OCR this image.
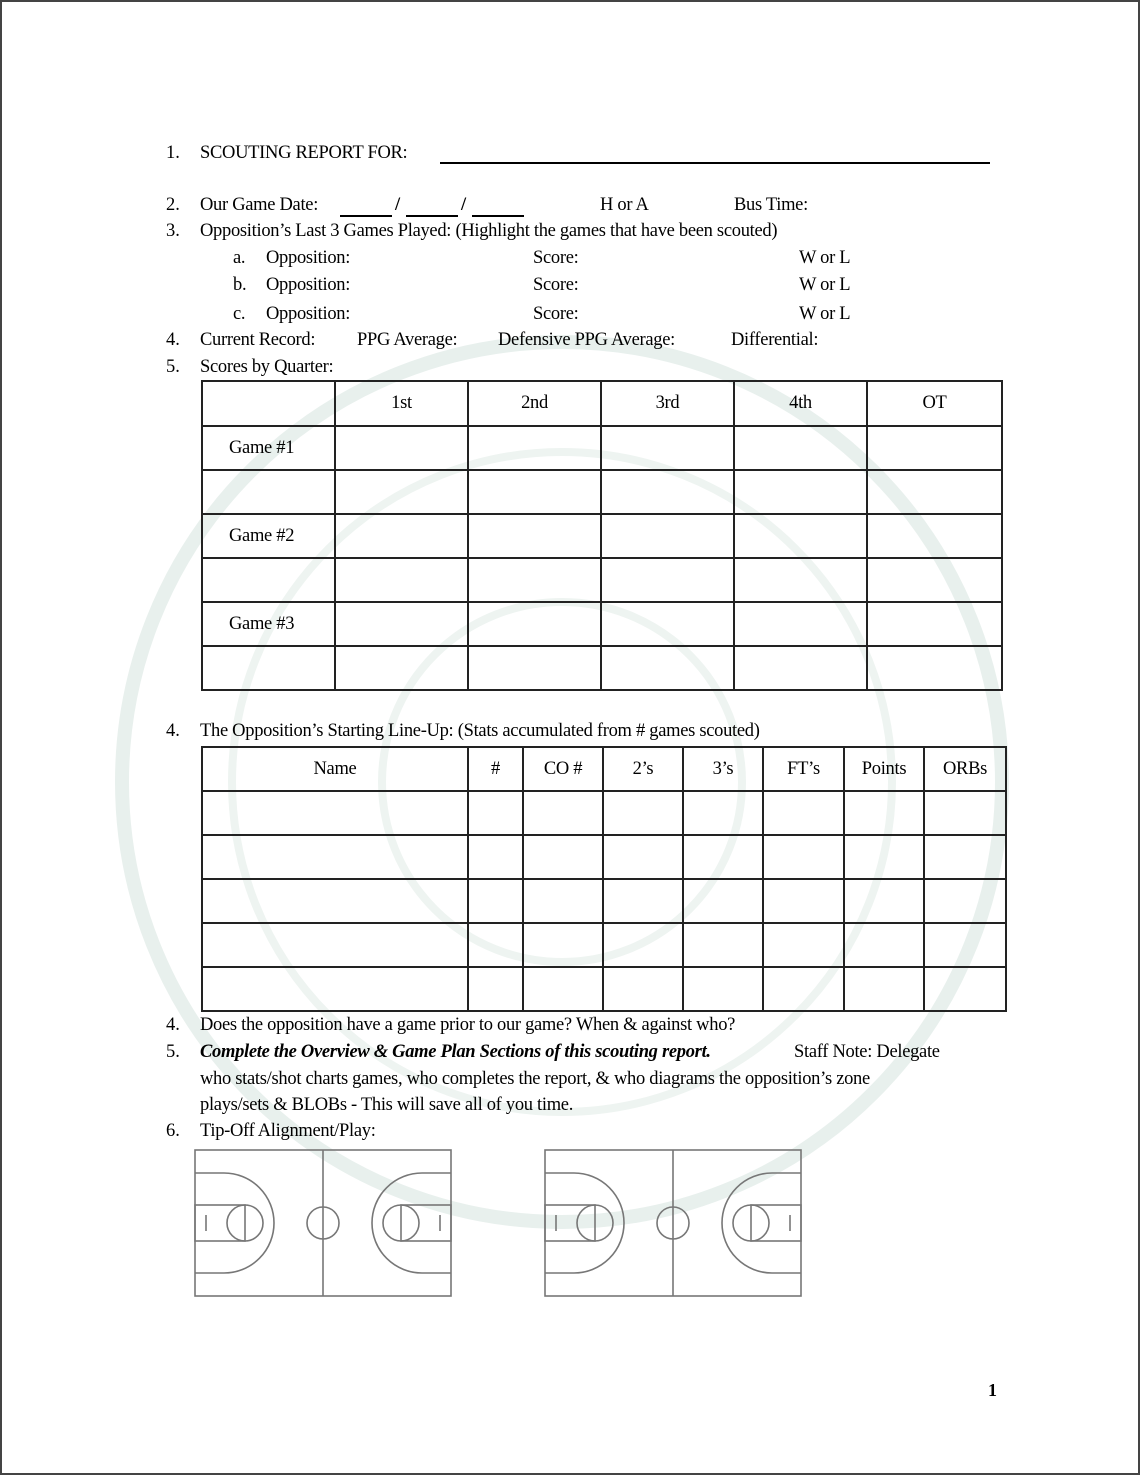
1. SCOUTING REPORT FOR:
2. Our Game Date:	/	/	H or A	Bus Time:
3. Opposition’s Last 3 Games Played: (Highlight the games that have been scouted)
a. Opposition:	Score:	W or L
b. Opposition:	Score:	W or L
c. Opposition:	Score:	W or L
4. Current Record: PPG Average: Defensive PPG Average:	Differential:
5. Scores by Quarter:
	1st	2nd	3rd	4th	OT
Game #1					

Game #2					

Game #3					

4. The Opposition’s Starting Line-Up: (Stats accumulated from # games scouted)
Name	#	CO #	2’s	3’s	FT’s	Points	ORBs

4. Does the opposition have a game prior to our game? When & against who?
5. Complete the Overview & Game Plan Sections of this scouting report.	Staff Note: Delegate
who stats/shot charts games, who completes the report, & who diagrams the opposition’s zone
plays/sets & BLOBs - This will save all of you time.
6. Tip-Off Alignment/Play:
1
